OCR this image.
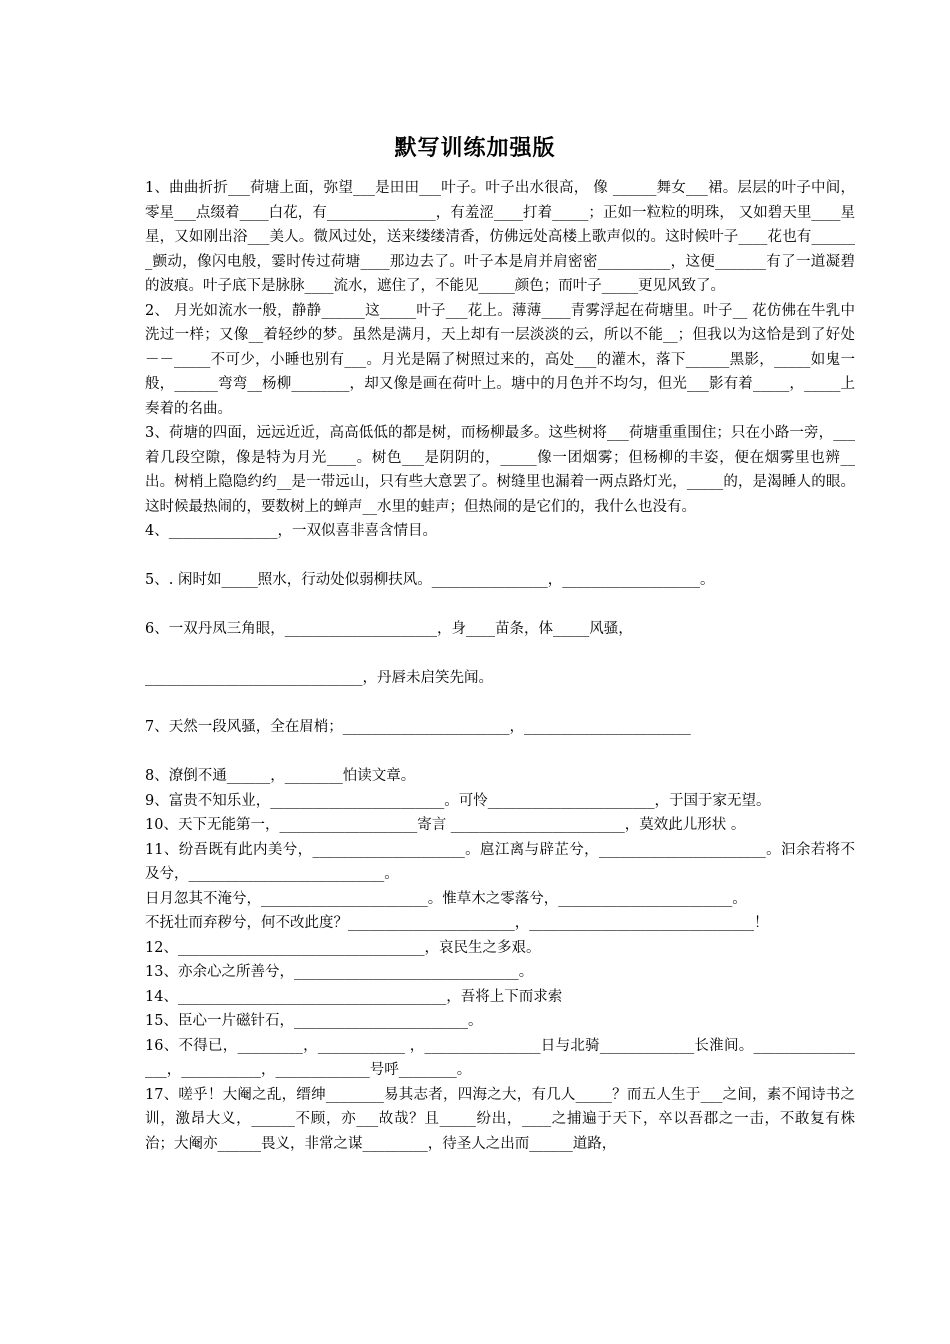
默写训练加强版
1、曲曲折折___荷塘上面，弥望___是田田___叶子。叶子出水很高， 像 ______舞女___裙。层层的叶子中间，零星___点缀着____白花，有_______________，有羞涩____打着_____；正如一粒粒的明珠， 又如碧天里____星星，又如刚出浴___美人。微风过处，送来缕缕清香，仿佛远处高楼上歌声似的。这时候叶子____花也有_______颤动，像闪电般，霎时传过荷塘____那边去了。叶子本是肩并肩密密__________，这便_______有了一道凝碧的波痕。叶子底下是脉脉____流水，遮住了，不能见_____颜色；而叶子_____更见风致了。
2、 月光如流水一般，静静______这_____叶子___花上。薄薄____青雾浮起在荷塘里。叶子__ 花仿佛在牛乳中洗过一样；又像__着轻纱的梦。虽然是满月，天上却有一层淡淡的云，所以不能__；但我以为这恰是到了好处－－_____不可少，小睡也别有___。月光是隔了树照过来的，高处___的灌木，落下______黑影，_____如鬼一般，______弯弯__杨柳________，却又像是画在荷叶上。塘中的月色并不均匀，但光___影有着_____，_____上奏着的名曲。
3、荷塘的四面，远远近近，高高低低的都是树，而杨柳最多。这些树将___荷塘重重围住；只在小路一旁，___着几段空隙，像是特为月光____。树色___是阴阴的，_____像一团烟雾；但杨柳的丰姿，便在烟雾里也辨__出。树梢上隐隐约约__是一带远山，只有些大意罢了。树缝里也漏着一两点路灯光，_____的，是渴睡人的眼。这时候最热闹的，要数树上的蝉声__水里的蛙声；但热闹的是它们的，我什么也没有。
4、_______________，一双似喜非喜含情目。
5、. 闲时如_____照水，行动处似弱柳扶风。________________，___________________。
6、一双丹凤三角眼，_____________________，身____苗条，体_____风骚，
______________________________，丹唇未启笑先闻。
7、天然一段风骚，全在眉梢；_______________________，_______________________
8、潦倒不通______，________怕读文章。
9、富贵不知乐业，________________________。可怜_______________________，于国于家无望。
10、天下无能第一，___________________寄言 ________________________，莫效此儿形状 。
11、纷吾既有此内美兮，_____________________。扈江离与辟芷兮，_______________________。汩余若将不及兮，___________________________。
日月忽其不淹兮，_______________________。惟草木之零落兮，________________________。
不抚壮而弃秽兮，何不改此度？_______________________，_______________________________！
12、__________________________________，哀民生之多艰。
13、亦余心之所善兮，_______________________________。
14、_____________________________________，吾将上下而求索
15、臣心一片磁针石，________________________。
16、不得已，_________，____________ ，________________日与北骑_____________长淮间。_________________，___________，_____________号呼________。
17、嗟乎！大阉之乱，缙绅________易其志者，四海之大，有几人_____？而五人生于___之间，素不闻诗书之训，激昂大义，______不顾，亦___故哉？且_____纷出，____之捕遍于天下，卒以吾郡之一击，不敢复有株治；大阉亦______畏义，非常之谋_________，待圣人之出而______道路，
